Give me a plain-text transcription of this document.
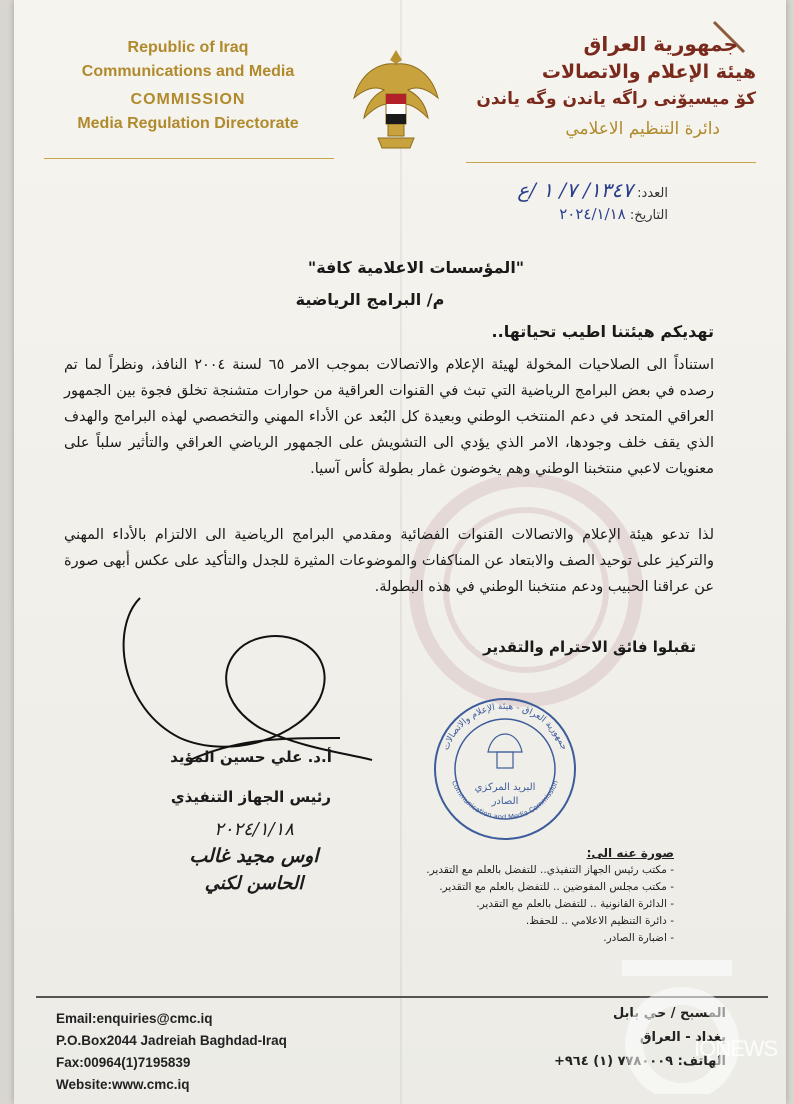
Republic of Iraq
Communications and Media
COMMISSION
Media Regulation Directorate
جمهورية العراق
هيئة الإعلام والاتصالات
كۆ ميسيۆنى راگه ياندن وگه ياندن
دائرة التنظيم الاعلامي
العدد: ١٣٤٧/ ٧/ ١ /ع
التاريخ: ٢٠٢٤/١/١٨
"المؤسسات الاعلامية كافة"
م/ البرامج الرياضية
تهديكم هيئتنا اطيب تحياتها..
استناداً الى الصلاحيات المخولة لهيئة الإعلام والاتصالات بموجب الامر ٦٥ لسنة ٢٠٠٤ النافذ، ونظراً لما تم رصده في بعض البرامج الرياضية التي تبث في القنوات العراقية من حوارات متشنجة تخلق فجوة بين الجمهور العراقي المتحد في دعم المنتخب الوطني وبعيدة كل البُعد عن الأداء المهني والتخصصي لهذه البرامج والهدف الذي يقف خلف وجودها، الامر الذي يؤدي الى التشويش على الجمهور الرياضي العراقي والتأثير سلباً على معنويات لاعبي منتخبنا الوطني وهم يخوضون غمار بطولة كأس آسيا.
لذا تدعو هيئة الإعلام والاتصالات القنوات الفضائية ومقدمي البرامج الرياضية الى الالتزام بالأداء المهني والتركيز على توحيد الصف والابتعاد عن المناكفات والموضوعات المثيرة للجدل والتأكيد على عكس أبهى صورة عن عراقنا الحبيب ودعم منتخبنا الوطني في هذه البطولة.
تقبلوا فائق الاحترام والتقدير
أ.د. علي حسين المؤيد
رئيس الجهاز التنفيذي
٢٠٢٤/١/١٨
اوس مجيد غالب
الحاسن لكني
جمهورية العراق - هيئة الإعلام والاتصالات
Communication and Media Commission
البريد المركزي
الصادر
صورة عنه الى:
- مكتب رئيس الجهاز التنفيذي.. للتفضل بالعلم مع التقدير.
- مكتب مجلس المفوضين .. للتفضل بالعلم مع التقدير.
- الدائرة القانونية .. للتفضل بالعلم مع التقدير.
- دائرة التنظيم الاعلامي .. للحفظ.
- اضبارة الصادر.
Email:enquiries@cmc.iq
P.O.Box2044 Jadreiah Baghdad-Iraq
Fax:00964(1)7195839
Website:www.cmc.iq
المسبح / حي بابل
بغداد - العراق
الهاتف: ٧٧٨٠٠٠٩ (١) ٩٦٤+
IQNEWS
